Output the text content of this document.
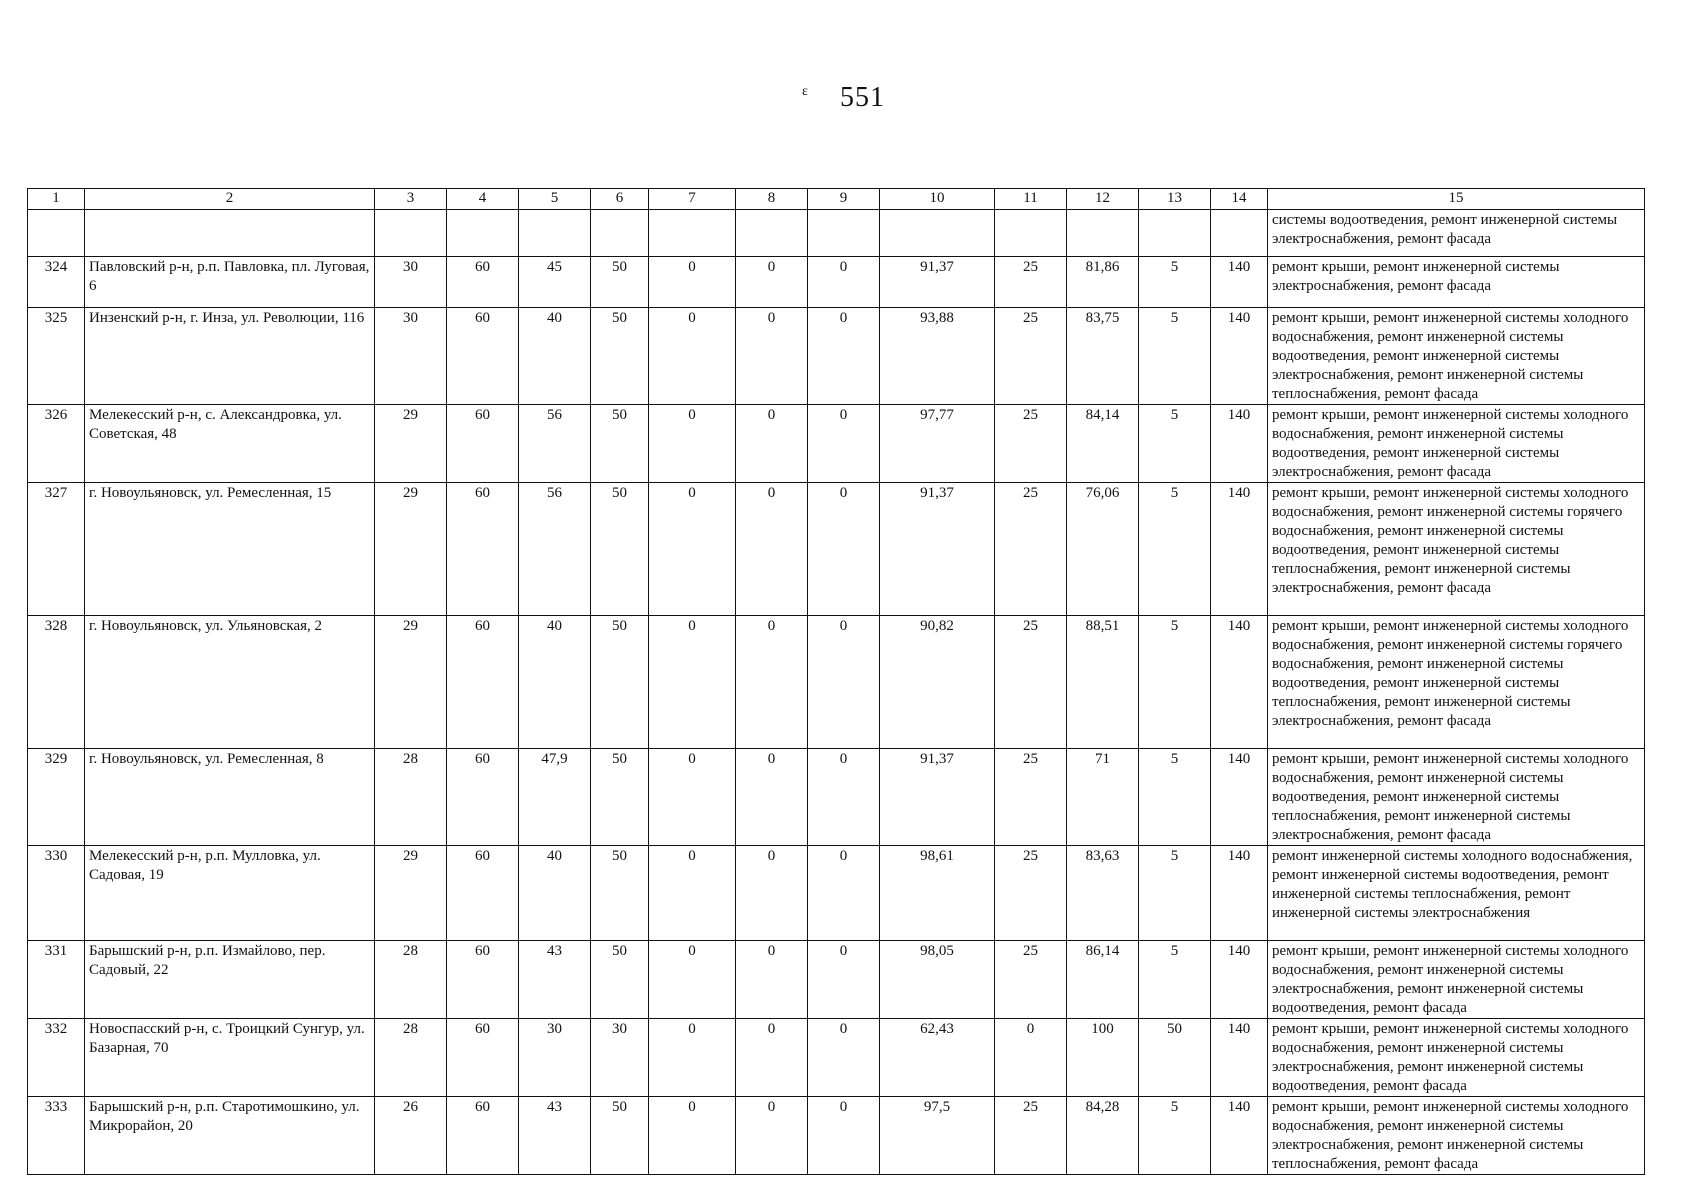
ɛ 551
1	2	3	4	5	6	7	8	9	10	11	12	13	14	15
														системы водоотведения, ремонт инженерной системы электроснабжения, ремонт фасада
324	Павловский р-н, р.п. Павловка, пл. Луговая, 6	30	60	45	50	0	0	0	91,37	25	81,86	5	140	ремонт крыши, ремонт инженерной системы электроснабжения, ремонт фасада
325	Инзенский р-н, г. Инза, ул. Революции, 116	30	60	40	50	0	0	0	93,88	25	83,75	5	140	ремонт крыши, ремонт инженерной системы холодного водоснабжения, ремонт инженерной системы водоотведения, ремонт инженерной системы электроснабжения, ремонт инженерной системы теплоснабжения, ремонт фасада
326	Мелекесский р-н, с. Александровка, ул. Советская, 48	29	60	56	50	0	0	0	97,77	25	84,14	5	140	ремонт крыши, ремонт инженерной системы холодного водоснабжения, ремонт инженерной системы водоотведения, ремонт инженерной системы электроснабжения, ремонт фасада
327	г. Новоульяновск, ул. Ремесленная, 15	29	60	56	50	0	0	0	91,37	25	76,06	5	140	ремонт крыши, ремонт инженерной системы холодного водоснабжения, ремонт инженерной системы горячего водоснабжения, ремонт инженерной системы водоотведения, ремонт инженерной системы теплоснабжения, ремонт инженерной системы электроснабжения, ремонт фасада
328	г. Новоульяновск, ул. Ульяновская, 2	29	60	40	50	0	0	0	90,82	25	88,51	5	140	ремонт крыши, ремонт инженерной системы холодного водоснабжения, ремонт инженерной системы горячего водоснабжения, ремонт инженерной системы водоотведения, ремонт инженерной системы теплоснабжения, ремонт инженерной системы электроснабжения, ремонт фасада
329	г. Новоульяновск, ул. Ремесленная, 8	28	60	47,9	50	0	0	0	91,37	25	71	5	140	ремонт крыши, ремонт инженерной системы холодного водоснабжения, ремонт инженерной системы водоотведения, ремонт инженерной системы теплоснабжения, ремонт инженерной системы электроснабжения, ремонт фасада
330	Мелекесский р-н, р.п. Мулловка, ул. Садовая, 19	29	60	40	50	0	0	0	98,61	25	83,63	5	140	ремонт инженерной системы холодного водоснабжения, ремонт инженерной системы водоотведения, ремонт инженерной системы теплоснабжения, ремонт инженерной системы электроснабжения
331	Барышский р-н, р.п. Измайлово, пер. Садовый, 22	28	60	43	50	0	0	0	98,05	25	86,14	5	140	ремонт крыши, ремонт инженерной системы холодного водоснабжения, ремонт инженерной системы электроснабжения, ремонт инженерной системы водоотведения, ремонт фасада
332	Новоспасский р-н, с. Троицкий Сунгур, ул. Базарная, 70	28	60	30	30	0	0	0	62,43	0	100	50	140	ремонт крыши, ремонт инженерной системы холодного водоснабжения, ремонт инженерной системы электроснабжения, ремонт инженерной системы водоотведения, ремонт фасада
333	Барышский р-н, р.п. Старотимошкино, ул. Микрорайон, 20	26	60	43	50	0	0	0	97,5	25	84,28	5	140	ремонт крыши, ремонт инженерной системы холодного водоснабжения, ремонт инженерной системы электроснабжения, ремонт инженерной системы теплоснабжения, ремонт фасада
